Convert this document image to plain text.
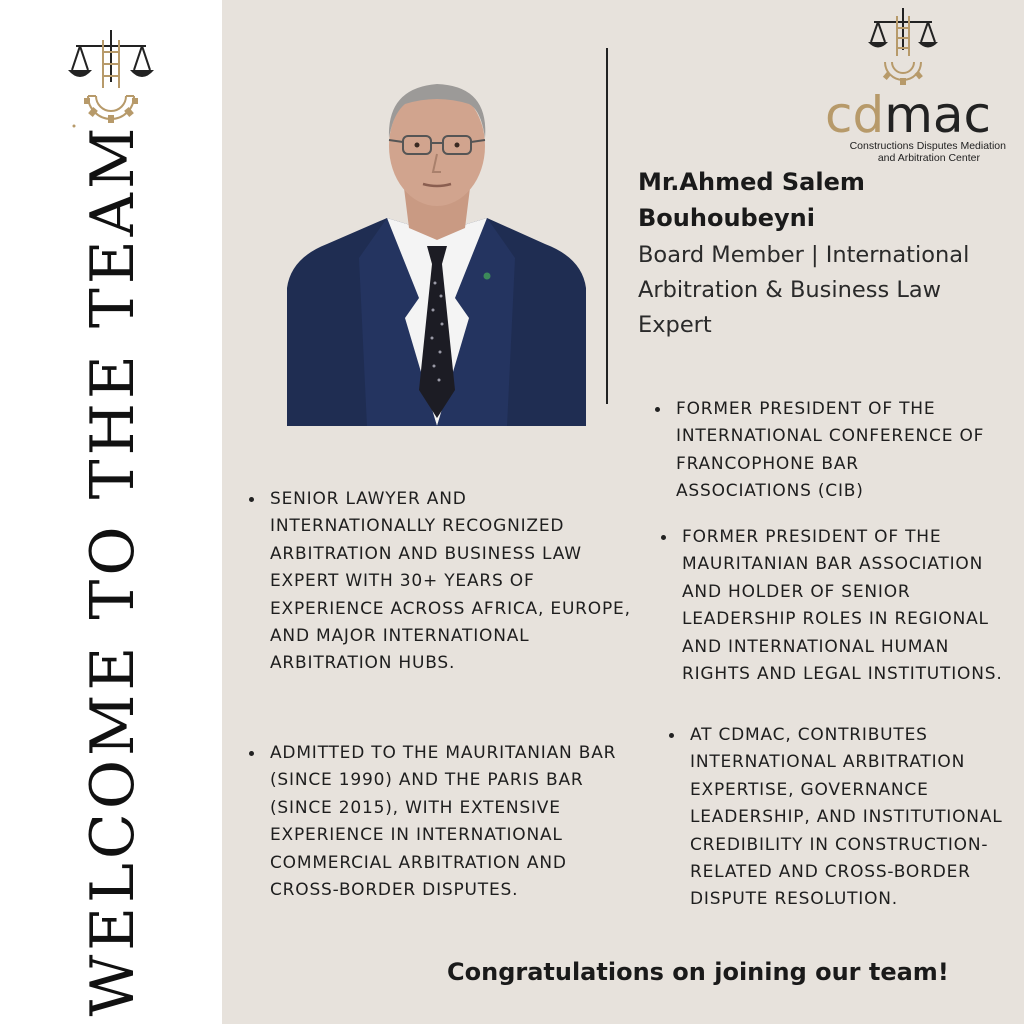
WELCOME TO THE TEAM
cdmac
Constructions Disputes Mediation
and Arbitration Center
Mr.Ahmed Salem
Bouhoubeyni
Board Member | International
Arbitration & Business Law
Expert
FORMER PRESIDENT OF THE INTERNATIONAL CONFERENCE OF FRANCOPHONE BAR ASSOCIATIONS (CIB)
FORMER PRESIDENT OF THE MAURITANIAN BAR ASSOCIATION AND HOLDER OF SENIOR LEADERSHIP ROLES IN REGIONAL AND INTERNATIONAL HUMAN RIGHTS AND LEGAL INSTITUTIONS.
AT CDMAC, CONTRIBUTES INTERNATIONAL ARBITRATION EXPERTISE, GOVERNANCE LEADERSHIP, AND INSTITUTIONAL CREDIBILITY IN CONSTRUCTION-RELATED AND CROSS-BORDER DISPUTE RESOLUTION.
SENIOR LAWYER AND INTERNATIONALLY RECOGNIZED ARBITRATION AND BUSINESS LAW EXPERT WITH 30+ YEARS OF EXPERIENCE ACROSS AFRICA, EUROPE, AND MAJOR INTERNATIONAL ARBITRATION HUBS.
ADMITTED TO THE MAURITANIAN BAR (SINCE 1990) AND THE PARIS BAR (SINCE 2015), WITH EXTENSIVE EXPERIENCE IN INTERNATIONAL COMMERCIAL ARBITRATION AND CROSS-BORDER DISPUTES.
Congratulations on joining our team!
